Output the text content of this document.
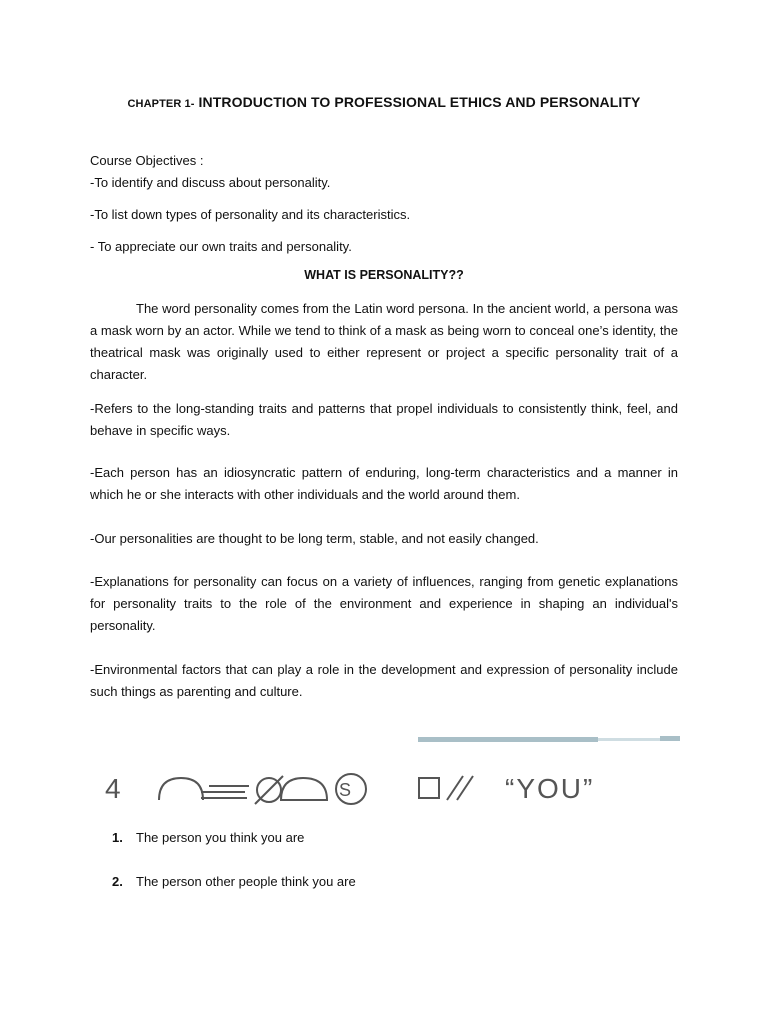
CHAPTER 1- INTRODUCTION TO PROFESSIONAL ETHICS AND PERSONALITY
Course Objectives :
-To identify and discuss about personality.
-To list down types of personality and its characteristics.
- To appreciate our own traits and personality.
WHAT IS PERSONALITY??

The word personality comes from the Latin word persona. In the ancient world, a persona was a mask worn by an actor. While we tend to think of a mask as being worn to conceal one’s identity, the theatrical mask was originally used to either represent or project a specific personality trait of a character.

-Refers to the long-standing traits and patterns that propel individuals to consistently think, feel, and behave in specific ways.

-Each person has an idiosyncratic pattern of enduring, long-term characteristics and a manner in which he or she interacts with other individuals and the world around them.

-Our personalities are thought to be long term, stable, and not easily changed.

-Explanations for personality can focus on a variety of influences, ranging from genetic explanations for personality traits to the role of the environment and experience in shaping an individual's personality.

-Environmental factors that can play a role in the development and expression of personality include such things as parenting and culture.

4	S	“YOU”
1.	The person you think you are
2.	The person other people think you are
